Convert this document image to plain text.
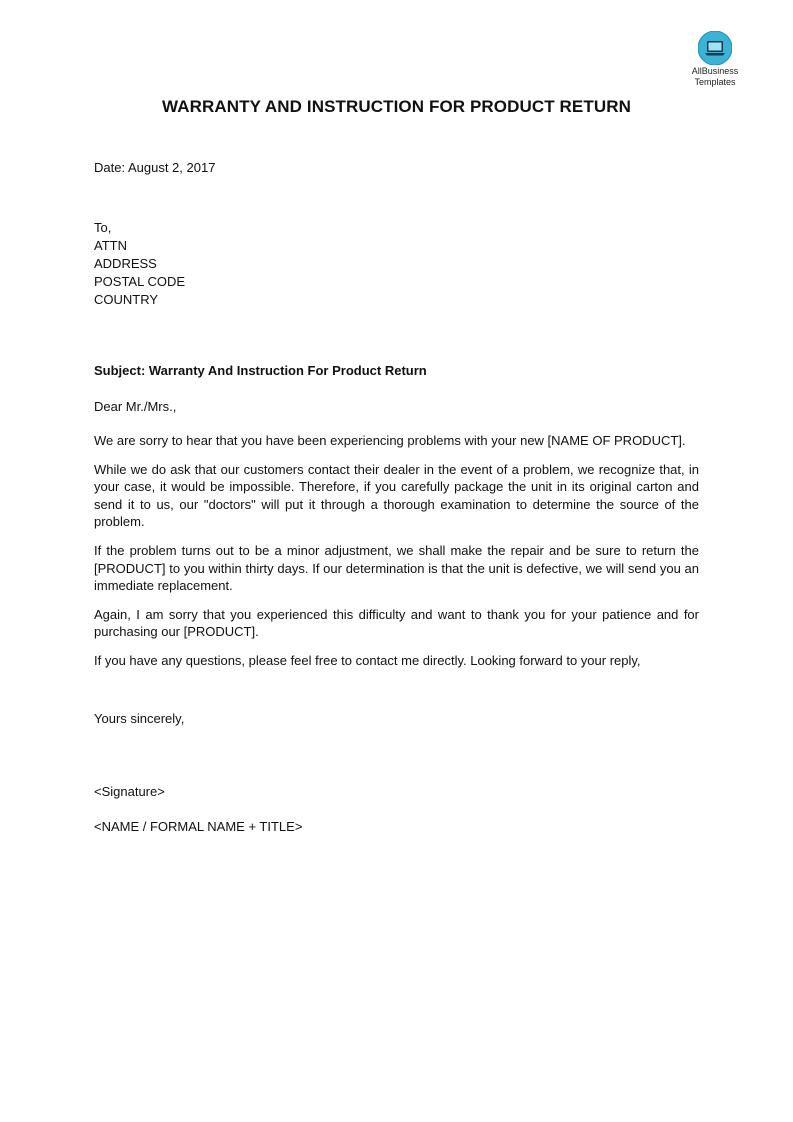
AllBusiness
Templates
WARRANTY AND INSTRUCTION FOR PRODUCT RETURN
Date: August 2, 2017
To,
ATTN
ADDRESS
POSTAL CODE
COUNTRY
Subject: Warranty And Instruction For Product Return
Dear Mr./Mrs.,

We are sorry to hear that you have been experiencing problems with your new [NAME OF PRODUCT].

While we do ask that our customers contact their dealer in the event of a problem, we recognize that, in your case, it would be impossible. Therefore, if you carefully package the unit in its original carton and send it to us, our "doctors" will put it through a thorough examination to determine the source of the problem.

If the problem turns out to be a minor adjustment, we shall make the repair and be sure to return the [PRODUCT] to you within thirty days. If our determination is that the unit is defective, we will send you an immediate replacement.

Again, I am sorry that you experienced this difficulty and want to thank you for your patience and for purchasing our [PRODUCT].

If you have any questions, please feel free to contact me directly. Looking forward to your reply,

Yours sincerely,
<Signature>
<NAME / FORMAL NAME + TITLE>
